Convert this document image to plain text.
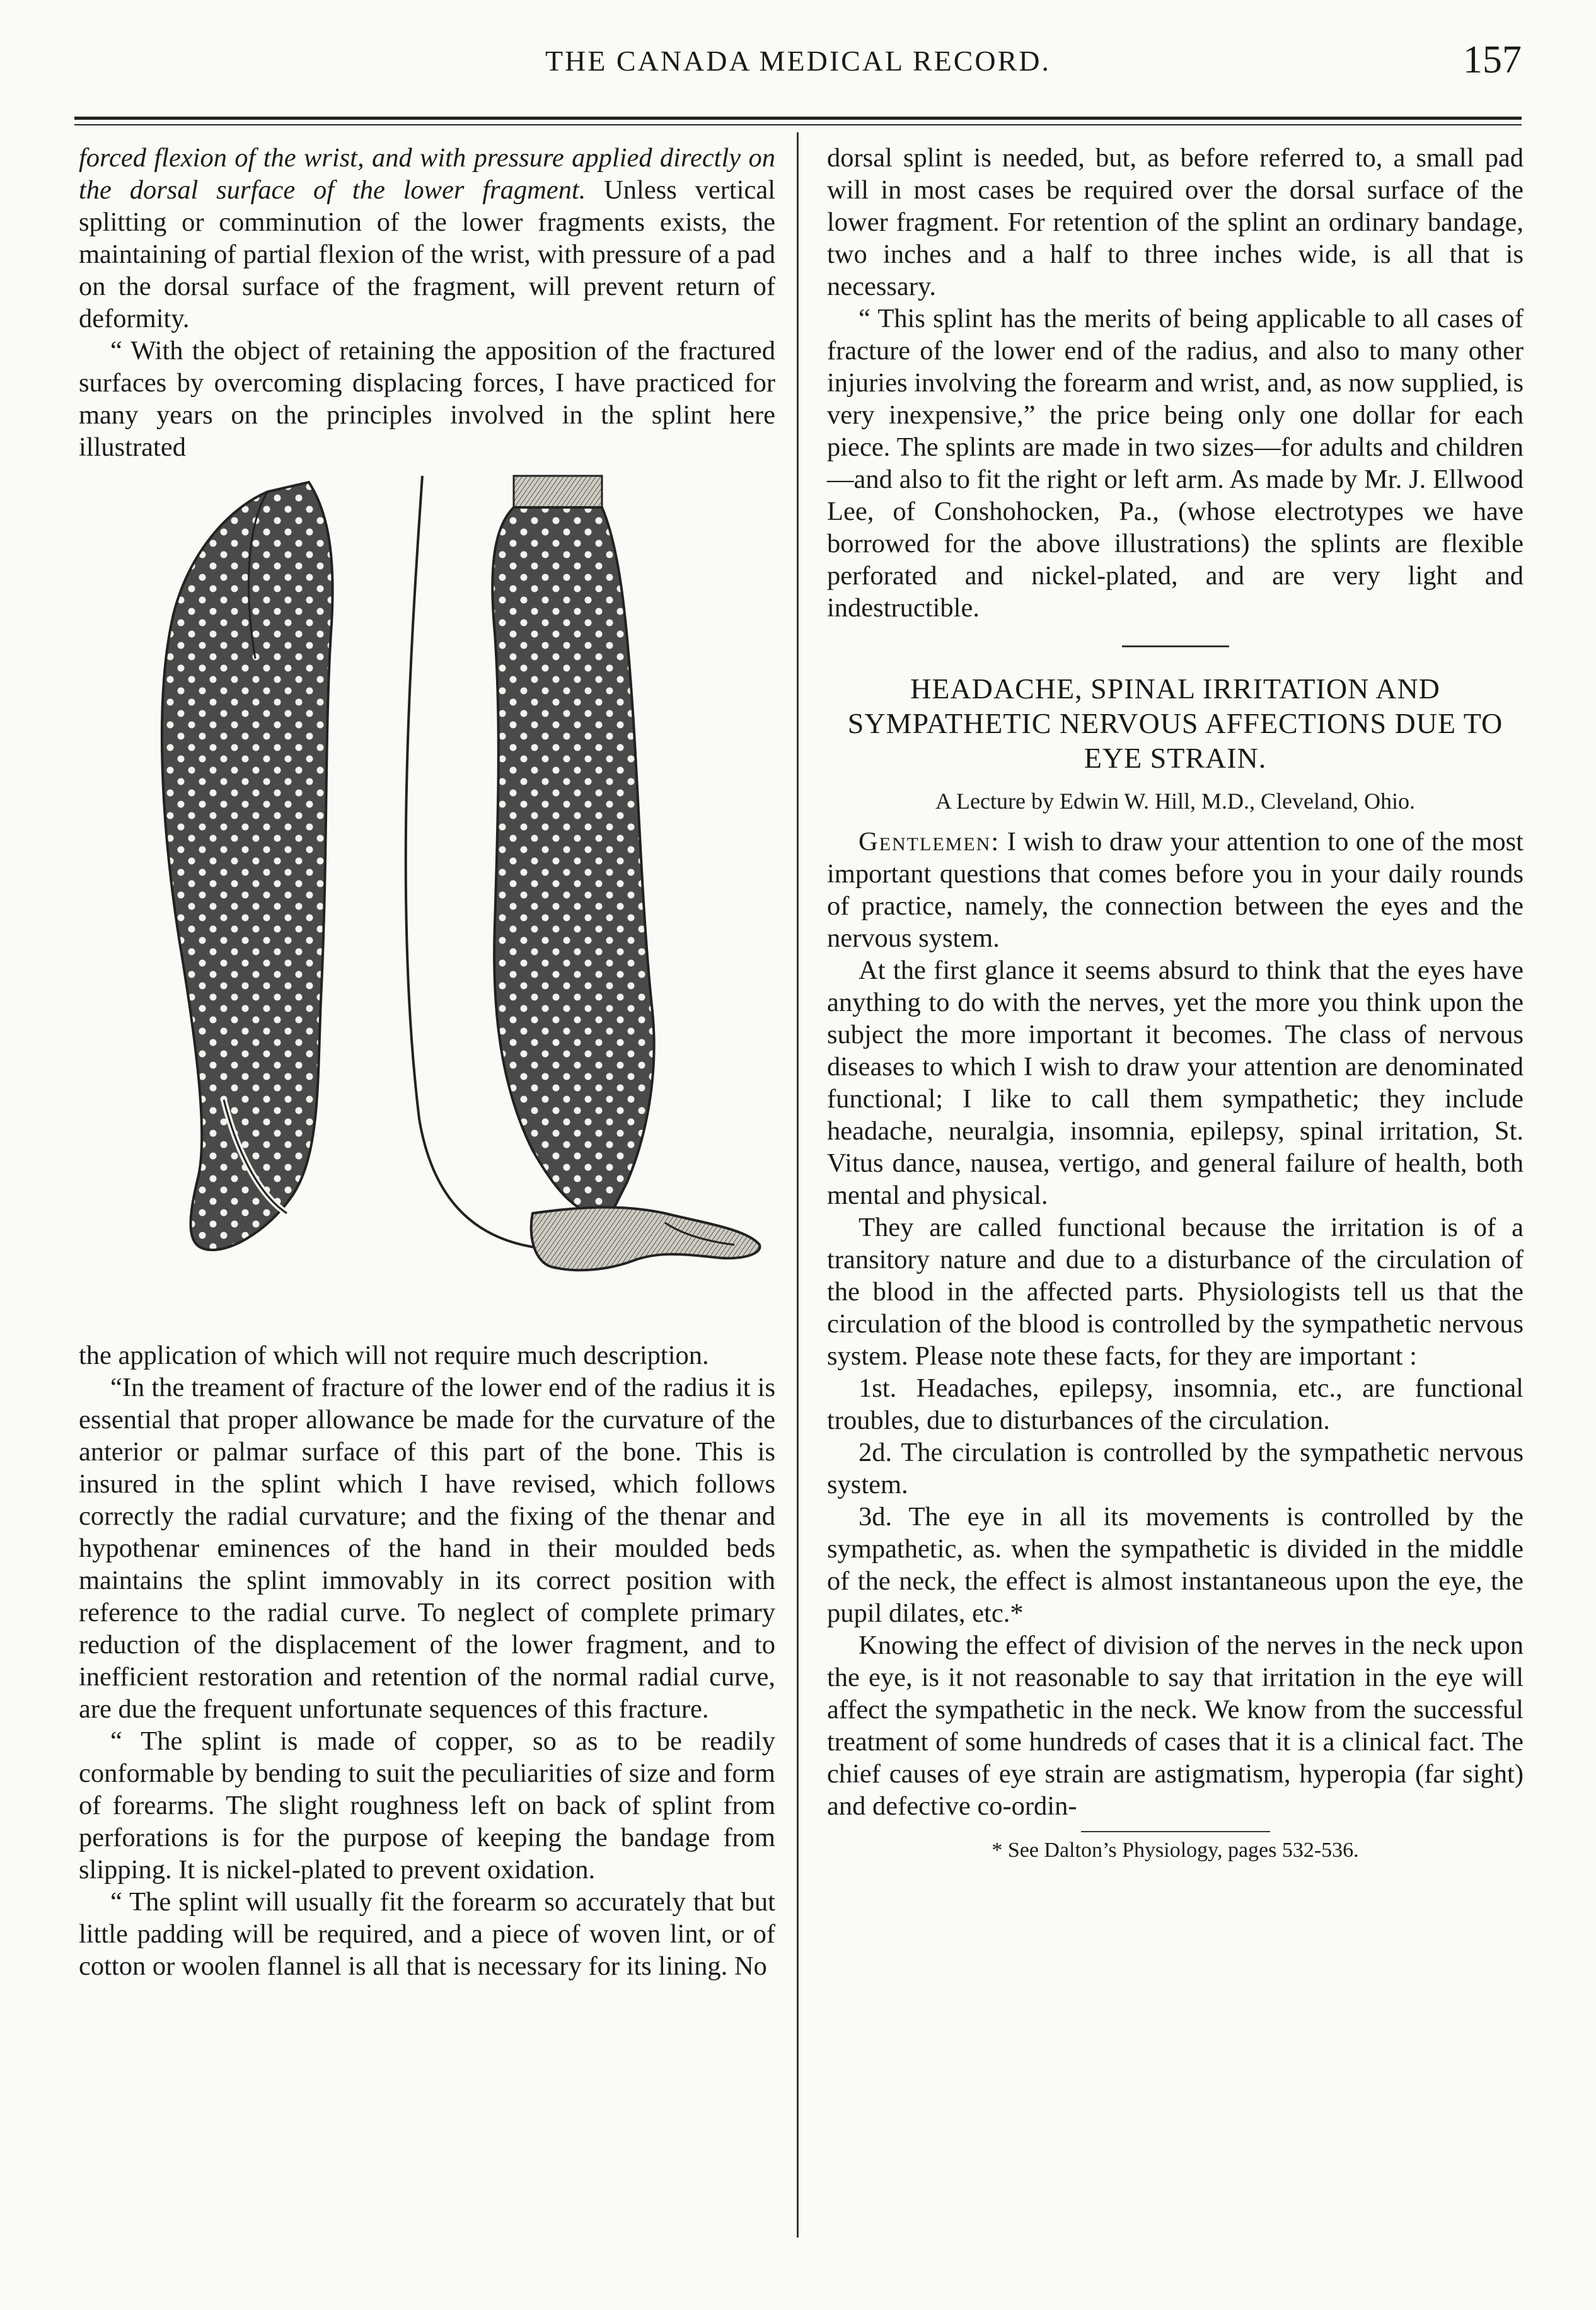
THE CANADA MEDICAL RECORD.	157

forced flexion of the wrist, and with pressure applied directly on the dorsal surface of the lower fragment. Unless vertical splitting or comminution of the lower fragments exists, the maintaining of partial flexion of the wrist, with pressure of a pad on the dorsal surface of the fragment, will prevent return of deformity.

“ With the object of retaining the apposition of the fractured surfaces by overcoming displacing forces, I have practiced for many years on the principles involved in the splint here illustrated

the application of which will not require much description.

“In the treament of fracture of the lower end of the radius it is essential that proper allowance be made for the curvature of the anterior or palmar surface of this part of the bone. This is insured in the splint which I have revised, which follows correctly the radial curvature; and the fixing of the thenar and hypothenar eminences of the hand in their moulded beds maintains the splint immovably in its correct position with reference to the radial curve. To neglect of complete primary reduction of the displacement of the lower fragment, and to inefficient restoration and retention of the normal radial curve, are due the frequent unfortunate sequences of this fracture.

“ The splint is made of copper, so as to be readily conformable by bending to suit the peculiarities of size and form of forearms. The slight roughness left on back of splint from perforations is for the purpose of keeping the bandage from slipping. It is nickel-plated to prevent oxidation.

“ The splint will usually fit the forearm so accurately that but little padding will be required, and a piece of woven lint, or of cotton or woolen flannel is all that is necessary for its lining. No

dorsal splint is needed, but, as before referred to, a small pad will in most cases be required over the dorsal surface of the lower fragment. For retention of the splint an ordinary bandage, two inches and a half to three inches wide, is all that is necessary.

“ This splint has the merits of being applicable to all cases of fracture of the lower end of the radius, and also to many other injuries involving the forearm and wrist, and, as now supplied, is very inexpensive,” the price being only one dollar for each piece. The splints are made in two sizes—for adults and children—and also to fit the right or left arm. As made by Mr. J. Ellwood Lee, of Conshohocken, Pa., (whose electrotypes we have borrowed for the above illustrations) the splints are flexible perforated and nickel-plated, and are very light and indestructible.

HEADACHE, SPINAL IRRITATION AND SYMPATHETIC NERVOUS AFFECTIONS DUE TO EYE STRAIN.
A Lecture by Edwin W. Hill, M.D., Cleveland, Ohio.

Gentlemen: I wish to draw your attention to one of the most important questions that comes before you in your daily rounds of practice, namely, the connection between the eyes and the nervous system.

At the first glance it seems absurd to think that the eyes have anything to do with the nerves, yet the more you think upon the subject the more important it becomes. The class of nervous diseases to which I wish to draw your attention are denominated functional; I like to call them sympathetic; they include headache, neuralgia, insomnia, epilepsy, spinal irritation, St. Vitus dance, nausea, vertigo, and general failure of health, both mental and physical.

They are called functional because the irritation is of a transitory nature and due to a disturbance of the circulation of the blood in the affected parts. Physiologists tell us that the circulation of the blood is controlled by the sympathetic nervous system. Please note these facts, for they are important :

1st. Headaches, epilepsy, insomnia, etc., are functional troubles, due to disturbances of the circulation.

2d. The circulation is controlled by the sympathetic nervous system.

3d. The eye in all its movements is controlled by the sympathetic, as. when the sympathetic is divided in the middle of the neck, the effect is almost instantaneous upon the eye, the pupil dilates, etc.*

Knowing the effect of division of the nerves in the neck upon the eye, is it not reasonable to say that irritation in the eye will affect the sympathetic in the neck. We know from the successful treatment of some hundreds of cases that it is a clinical fact. The chief causes of eye strain are astigmatism, hyperopia (far sight) and defective co-ordin-

* See Dalton’s Physiology, pages 532-536.
